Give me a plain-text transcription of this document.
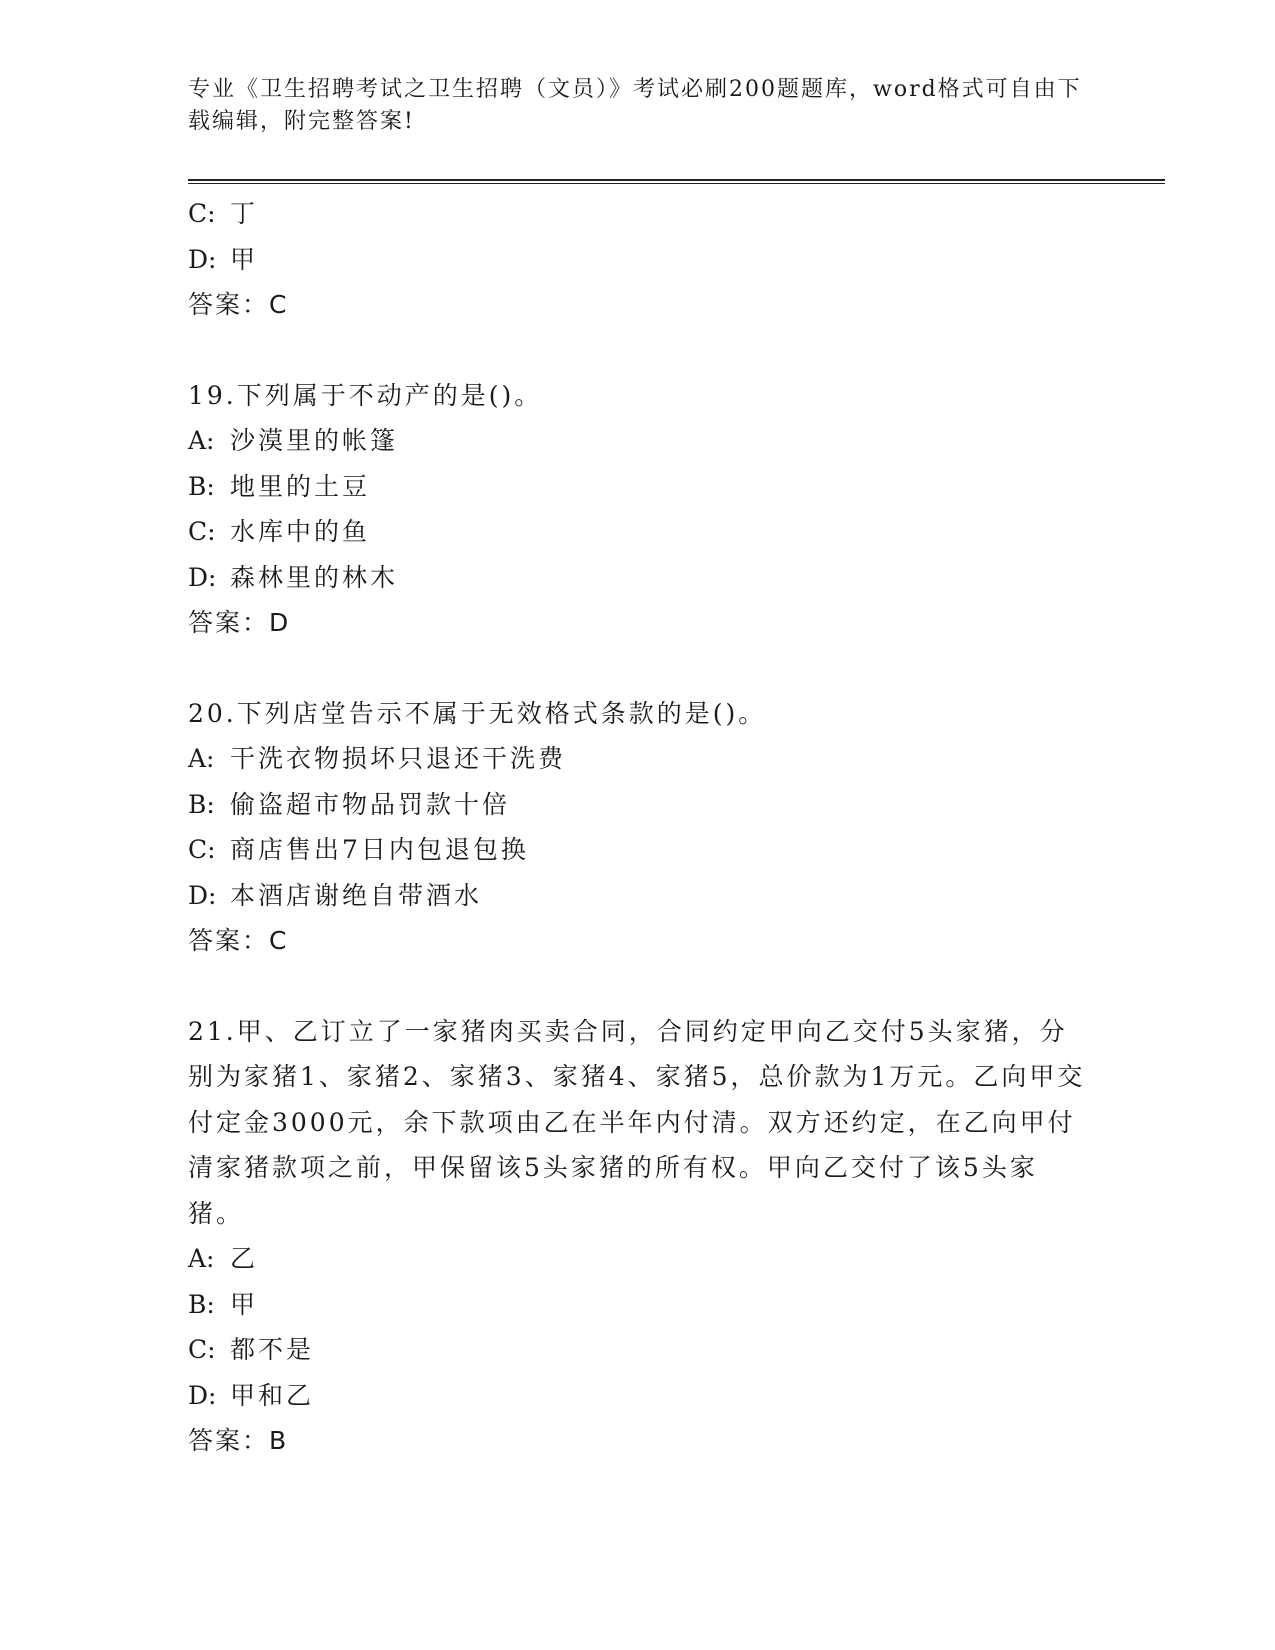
专业《卫生招聘考试之卫生招聘（文员）》考试必刷200题题库，word格式可自由下载编辑，附完整答案!
C: 丁
D: 甲
答案：C
19.下列属于不动产的是()。
A: 沙漠里的帐篷
B: 地里的土豆
C: 水库中的鱼
D: 森林里的林木
答案：D
20.下列店堂告示不属于无效格式条款的是()。
A: 干洗衣物损坏只退还干洗费
B: 偷盗超市物品罚款十倍
C: 商店售出7日内包退包换
D: 本酒店谢绝自带酒水
答案：C
21.甲、乙订立了一家猪肉买卖合同，合同约定甲向乙交付5头家猪，分别为家猪1、家猪2、家猪3、家猪4、家猪5，总价款为1万元。乙向甲交付定金3000元，余下款项由乙在半年内付清。双方还约定，在乙向甲付清家猪款项之前，甲保留该5头家猪的所有权。甲向乙交付了该5头家猪。
A: 乙
B: 甲
C: 都不是
D: 甲和乙
答案：B
